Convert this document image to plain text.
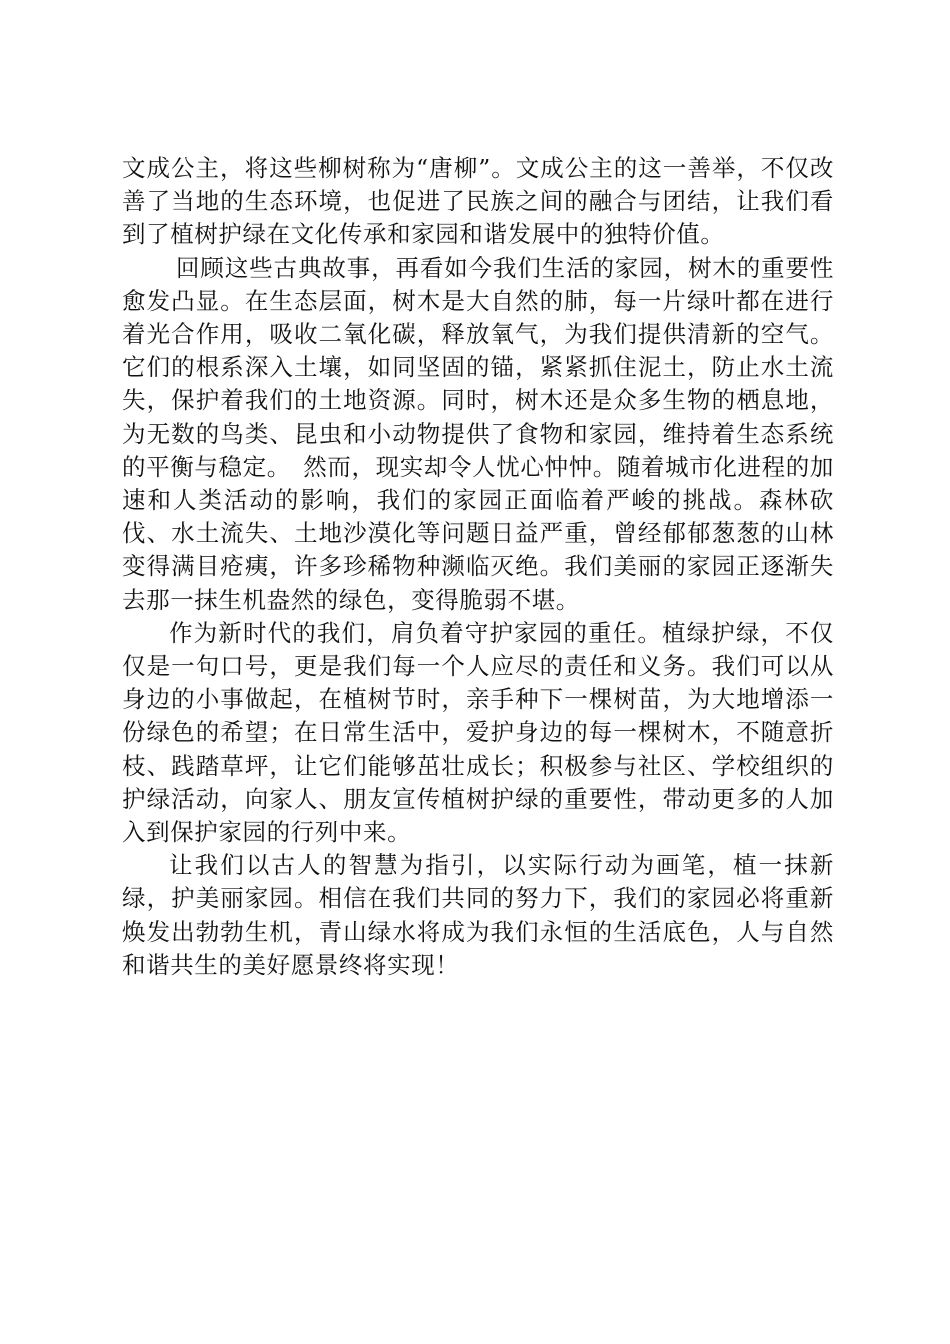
文成公主，将这些柳树称为“唐柳”。文成公主的这一善举，不仅改善了当地的生态环境，也促进了民族之间的融合与团结，让我们看到了植树护绿在文化传承和家园和谐发展中的独特价值。

回顾这些古典故事，再看如今我们生活的家园，树木的重要性愈发凸显。在生态层面，树木是大自然的肺，每一片绿叶都在进行着光合作用，吸收二氧化碳，释放氧气，为我们提供清新的空气。它们的根系深入土壤，如同坚固的锚，紧紧抓住泥土，防止水土流失，保护着我们的土地资源。同时，树木还是众多生物的栖息地，为无数的鸟类、昆虫和小动物提供了食物和家园，维持着生态系统的平衡与稳定。　然而，现实却令人忧心忡忡。随着城市化进程的加速和人类活动的影响，我们的家园正面临着严峻的挑战。森林砍伐、水土流失、土地沙漠化等问题日益严重，曾经郁郁葱葱的山林变得满目疮痍，许多珍稀物种濒临灭绝。我们美丽的家园正逐渐失去那一抹生机盎然的绿色，变得脆弱不堪。

作为新时代的我们，肩负着守护家园的重任。植绿护绿，不仅仅是一句口号，更是我们每一个人应尽的责任和义务。我们可以从身边的小事做起，在植树节时，亲手种下一棵树苗，为大地增添一份绿色的希望；在日常生活中，爱护身边的每一棵树木，不随意折枝、践踏草坪，让它们能够茁壮成长；积极参与社区、学校组织的护绿活动，向家人、朋友宣传植树护绿的重要性，带动更多的人加入到保护家园的行列中来。

让我们以古人的智慧为指引，以实际行动为画笔，植一抹新绿，护美丽家园。相信在我们共同的努力下，我们的家园必将重新焕发出勃勃生机，青山绿水将成为我们永恒的生活底色，人与自然和谐共生的美好愿景终将实现！
